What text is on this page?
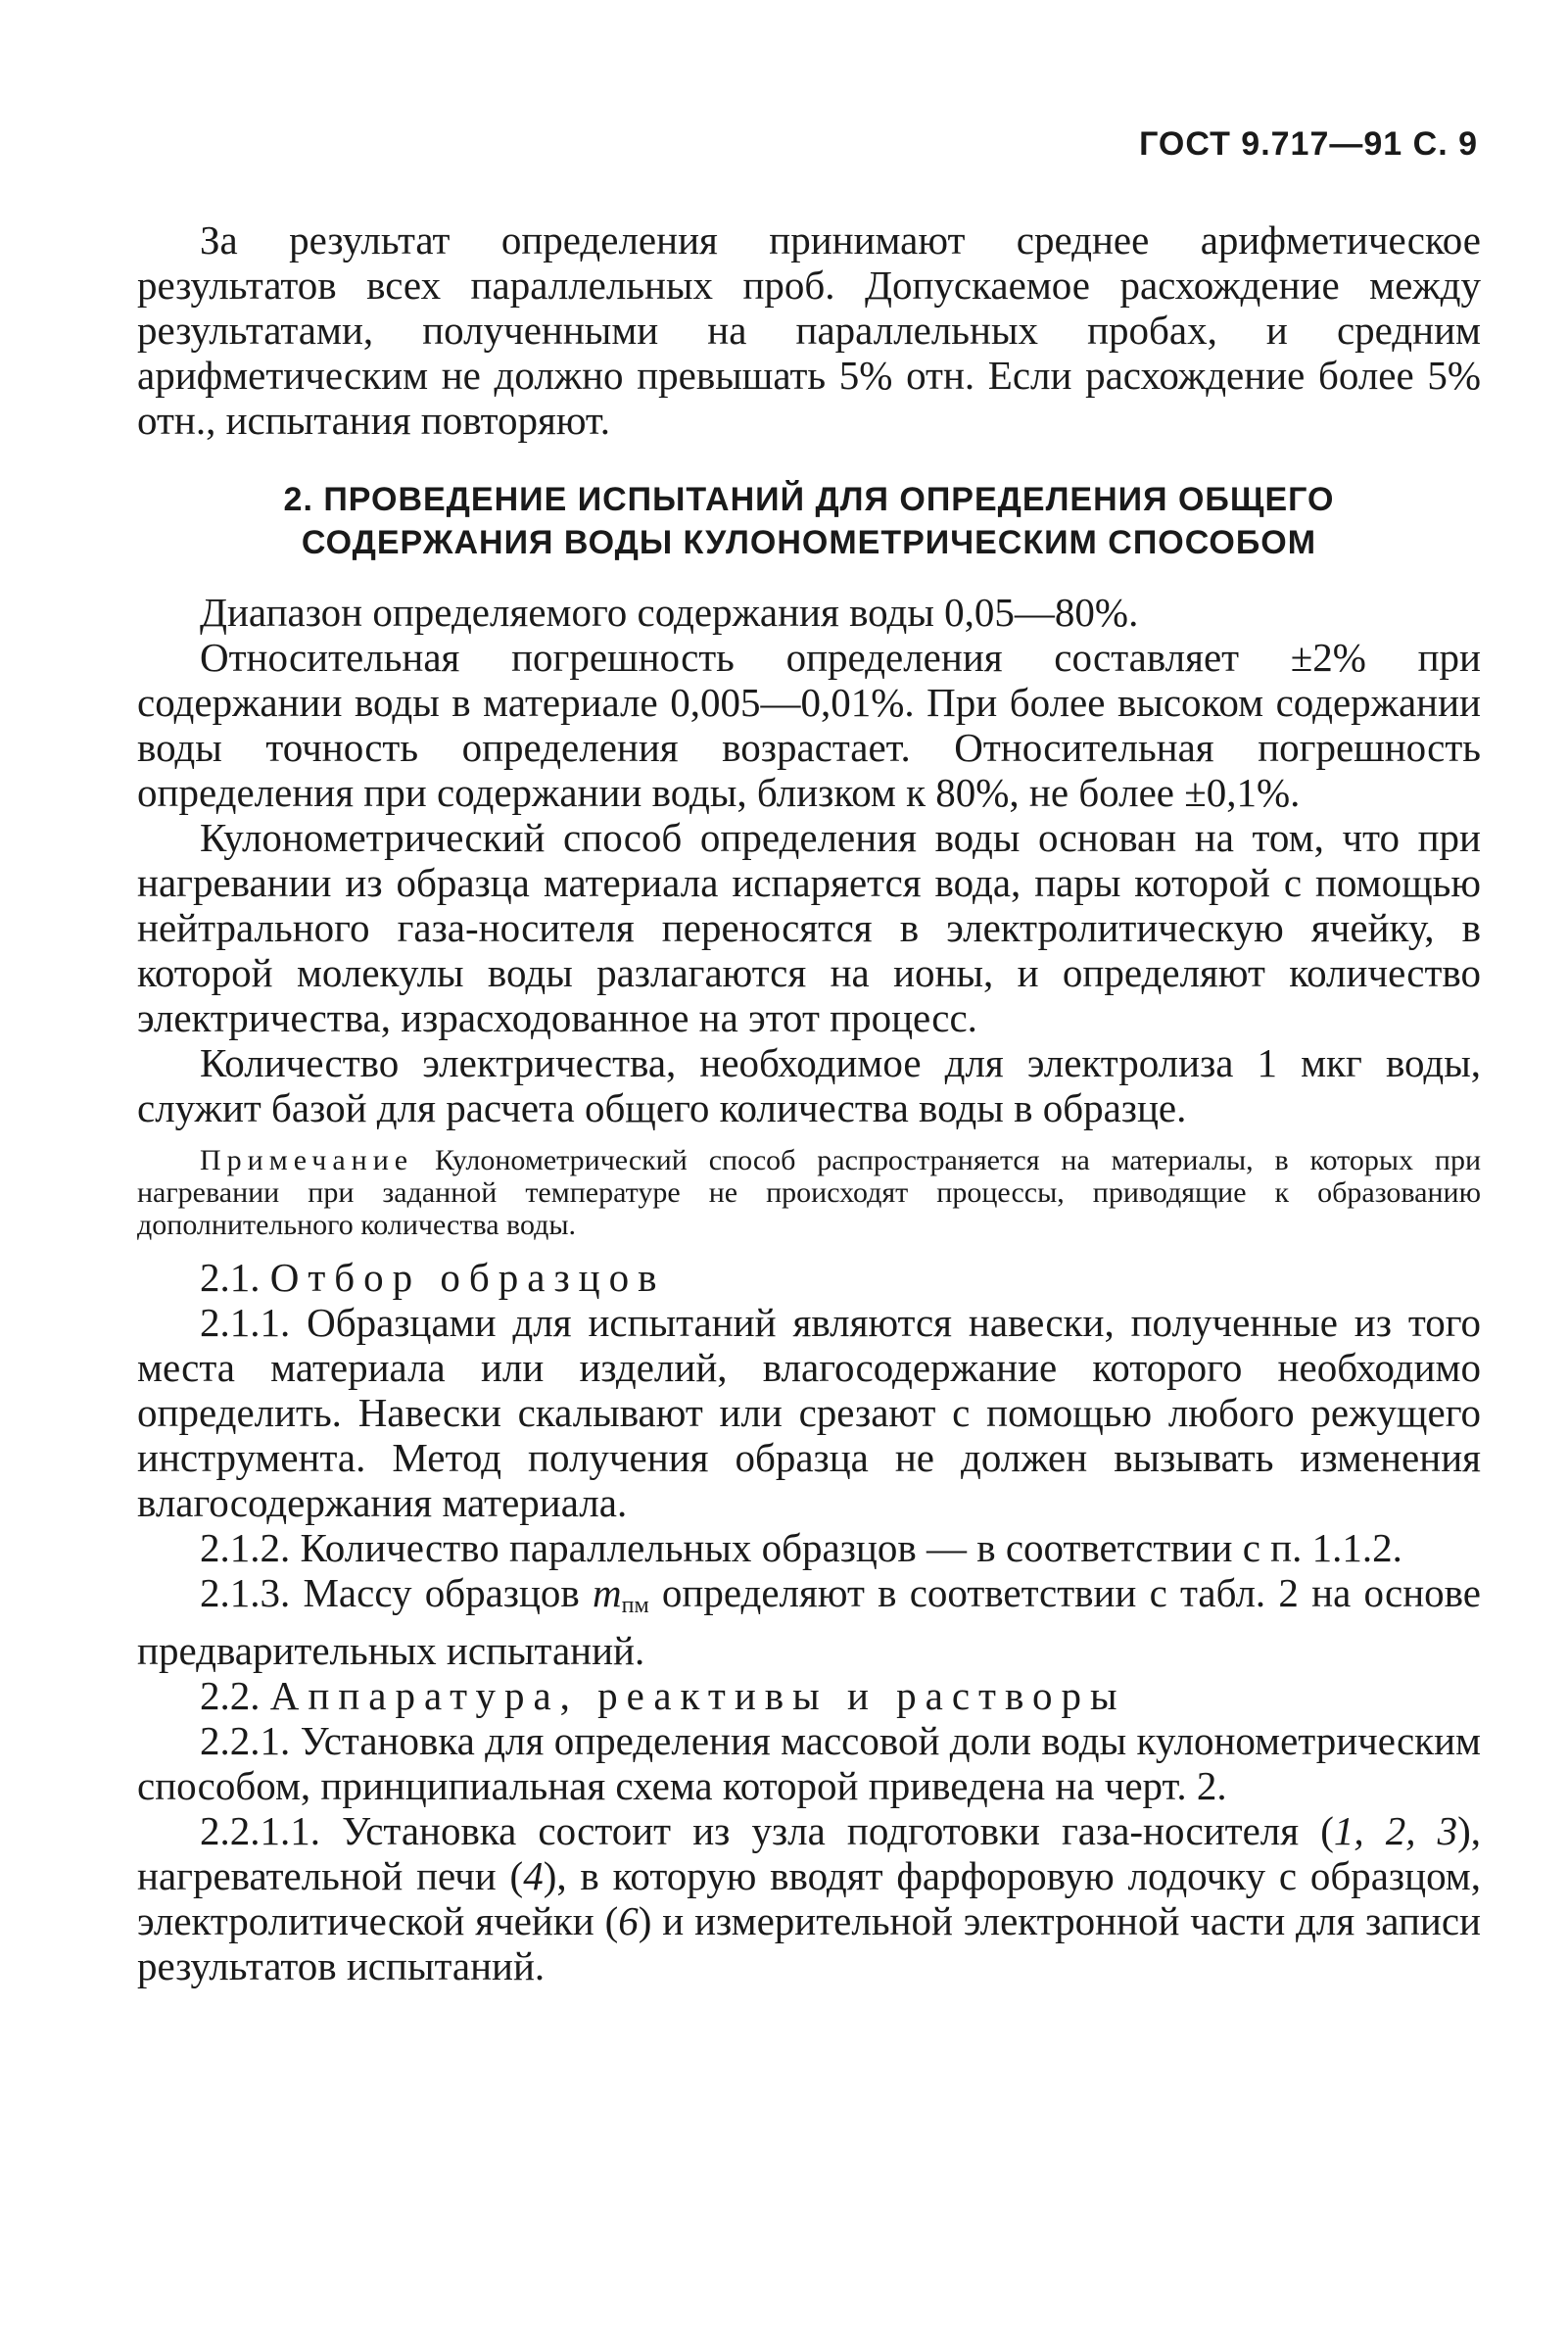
ГОСТ 9.717—91 С. 9

За результат определения принимают среднее арифметическое результатов всех параллельных проб. Допускаемое расхождение между результатами, полученными на параллельных пробах, и средним арифметическим не должно превышать 5% отн. Если расхождение более 5% отн., испытания повторяют.

2. ПРОВЕДЕНИЕ ИСПЫТАНИЙ ДЛЯ ОПРЕДЕЛЕНИЯ ОБЩЕГО
СОДЕРЖАНИЯ ВОДЫ КУЛОНОМЕТРИЧЕСКИМ СПОСОБОМ

Диапазон определяемого содержания воды 0,05—80%.

Относительная погрешность определения составляет ±2% при содержании воды в материале 0,005—0,01%. При более высоком содержании воды точность определения возрастает. Относительная погрешность определения при содержании воды, близком к 80%, не более ±0,1%.

Кулонометрический способ определения воды основан на том, что при нагревании из образца материала испаряется вода, пары которой с помощью нейтрального газа-носителя переносятся в электролитическую ячейку, в которой молекулы воды разлагаются на ионы, и определяют количество электричества, израсходованное на этот процесс.

Количество электричества, необходимое для электролиза 1 мкг воды, служит базой для расчета общего количества воды в образце.

Примечание Кулонометрический способ распространяется на материалы, в которых при нагревании при заданной температуре не происходят процессы, приводящие к образованию дополнительного количества воды.

2.1. Отбор образцов

2.1.1. Образцами для испытаний являются навески, полученные из того места материала или изделий, влагосодержание которого необходимо определить. Навески скалывают или срезают с помощью любого режущего инструмента. Метод получения образца не должен вызывать изменения влагосодержания материала.

2.1.2. Количество параллельных образцов — в соответствии с п. 1.1.2.

2.1.3. Массу образцов $m_{пм}$ определяют в соответствии с табл. 2 на основе предварительных испытаний.

2.2. Аппаратура, реактивы и растворы

2.2.1. Установка для определения массовой доли воды кулонометрическим способом, принципиальная схема которой приведена на черт. 2.

2.2.1.1. Установка состоит из узла подготовки газа-носителя (1, 2, 3), нагревательной печи (4), в которую вводят фарфоровую лодочку с образцом, электролитической ячейки (6) и измерительной электронной части для записи результатов испытаний.
